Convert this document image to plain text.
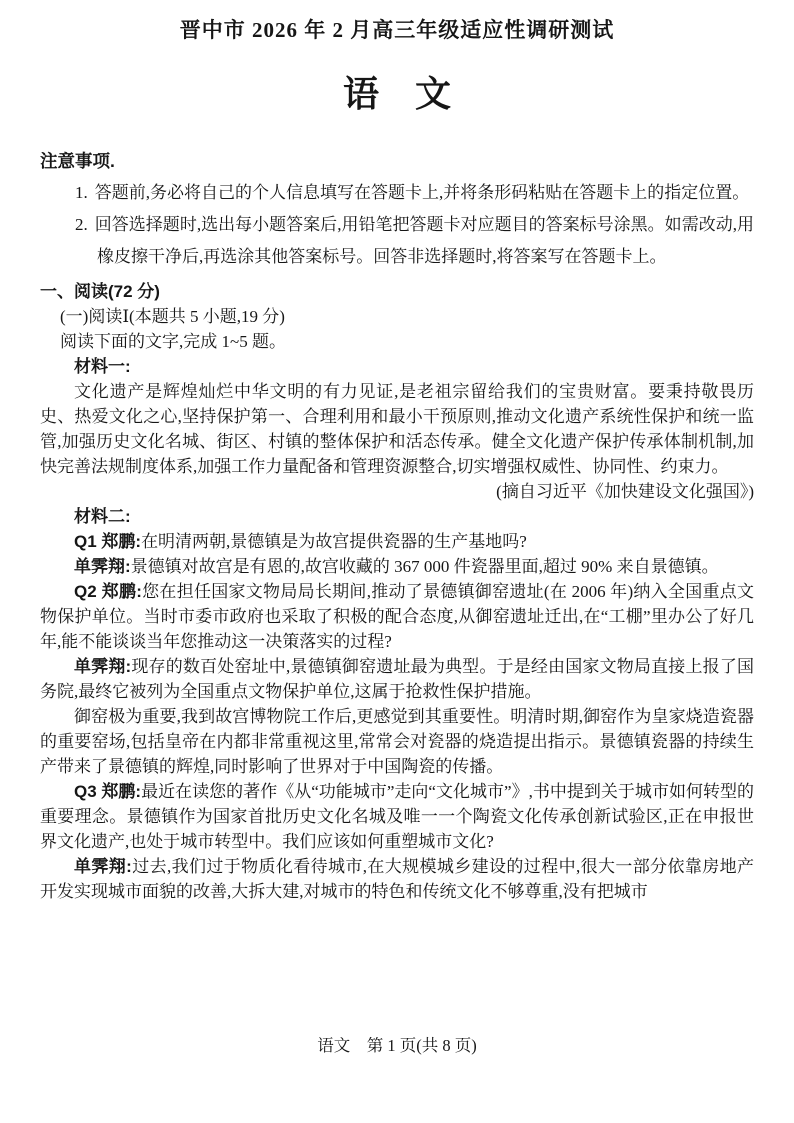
晋中市 2026 年 2 月高三年级适应性调研测试
语　文
注意事项.
1. 答题前,务必将自己的个人信息填写在答题卡上,并将条形码粘贴在答题卡上的指定位置。
2. 回答选择题时,选出每小题答案后,用铅笔把答题卡对应题目的答案标号涂黑。如需改动,用橡皮擦干净后,再选涂其他答案标号。回答非选择题时,将答案写在答题卡上。
一、阅读(72 分)
(一)阅读Ⅰ(本题共 5 小题,19 分)
阅读下面的文字,完成 1~5 题。
材料一:
文化遗产是辉煌灿烂中华文明的有力见证,是老祖宗留给我们的宝贵财富。要秉持敬畏历史、热爱文化之心,坚持保护第一、合理利用和最小干预原则,推动文化遗产系统性保护和统一监管,加强历史文化名城、街区、村镇的整体保护和活态传承。健全文化遗产保护传承体制机制,加快完善法规制度体系,加强工作力量配备和管理资源整合,切实增强权威性、协同性、约束力。
(摘自习近平《加快建设文化强国》)
材料二:
Q1 郑鹏:在明清两朝,景德镇是为故宫提供瓷器的生产基地吗?
单霁翔:景德镇对故宫是有恩的,故宫收藏的 367 000 件瓷器里面,超过 90% 来自景德镇。
Q2 郑鹏:您在担任国家文物局局长期间,推动了景德镇御窑遗址(在 2006 年)纳入全国重点文物保护单位。当时市委市政府也采取了积极的配合态度,从御窑遗址迁出,在“工棚”里办公了好几年,能不能谈谈当年您推动这一决策落实的过程?
单霁翔:现存的数百处窑址中,景德镇御窑遗址最为典型。于是经由国家文物局直接上报了国务院,最终它被列为全国重点文物保护单位,这属于抢救性保护措施。
御窑极为重要,我到故宫博物院工作后,更感觉到其重要性。明清时期,御窑作为皇家烧造瓷器的重要窑场,包括皇帝在内都非常重视这里,常常会对瓷器的烧造提出指示。景德镇瓷器的持续生产带来了景德镇的辉煌,同时影响了世界对于中国陶瓷的传播。
Q3 郑鹏:最近在读您的著作《从“功能城市”走向“文化城市”》,书中提到关于城市如何转型的重要理念。景德镇作为国家首批历史文化名城及唯一一个陶瓷文化传承创新试验区,正在申报世界文化遗产,也处于城市转型中。我们应该如何重塑城市文化?
单霁翔:过去,我们过于物质化看待城市,在大规模城乡建设的过程中,很大一部分依靠房地产开发实现城市面貌的改善,大拆大建,对城市的特色和传统文化不够尊重,没有把城市
语文　第 1 页(共 8 页)
